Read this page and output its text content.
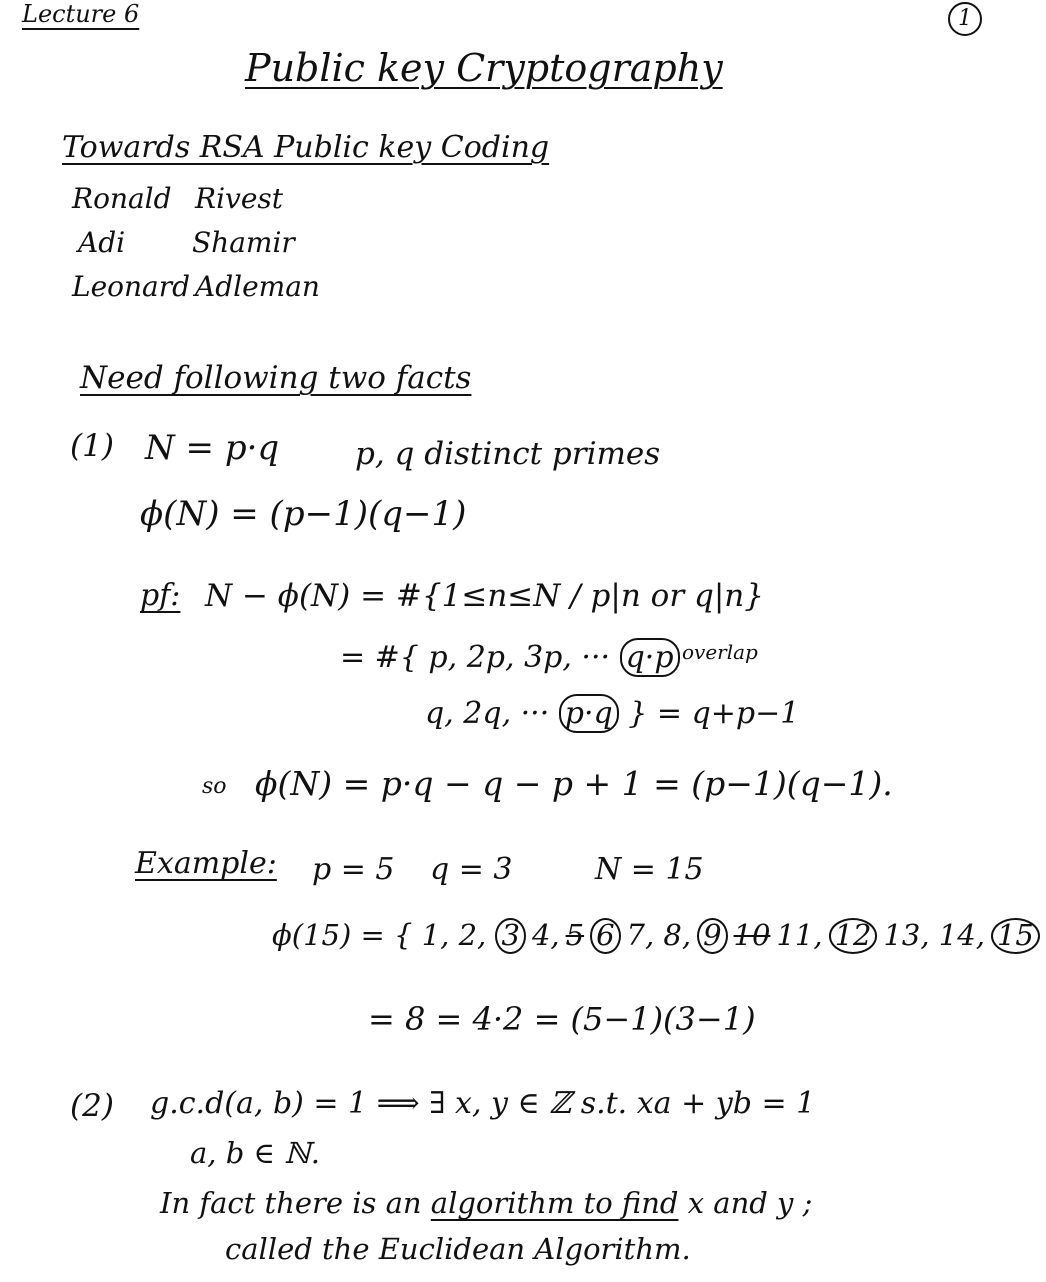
Lecture 6	1
Public key Cryptography
Towards RSA Public key Coding
Ronald Rivest
Adi Shamir
Leonard Adleman
Need following two facts
(1) N = p·q p, q distinct primes
ϕ(N) = (p−1)(q−1)
pf: N − ϕ(N) = #{1≤n≤N / p|n or q|n}
= #{ p, 2p, 3p, ··· q·p overlap
q, 2q, ··· p·q } = q+p−1
so ϕ(N) = p·q − q − p + 1 = (p−1)(q−1).
Example: p = 5 q = 3	N = 15
ϕ(15) = { 1, 2, 3 4, 5 6 7, 8, 9 10 11, 12 13, 14, 15
= 8 = 4·2 = (5−1)(3−1)
(2) g.c.d(a, b) = 1 ⟹ ∃ x, y ∈ ℤ s.t. xa + yb = 1
a, b ∈ ℕ.
In fact there is an algorithm to find x and y ;
called the Euclidean Algorithm.
